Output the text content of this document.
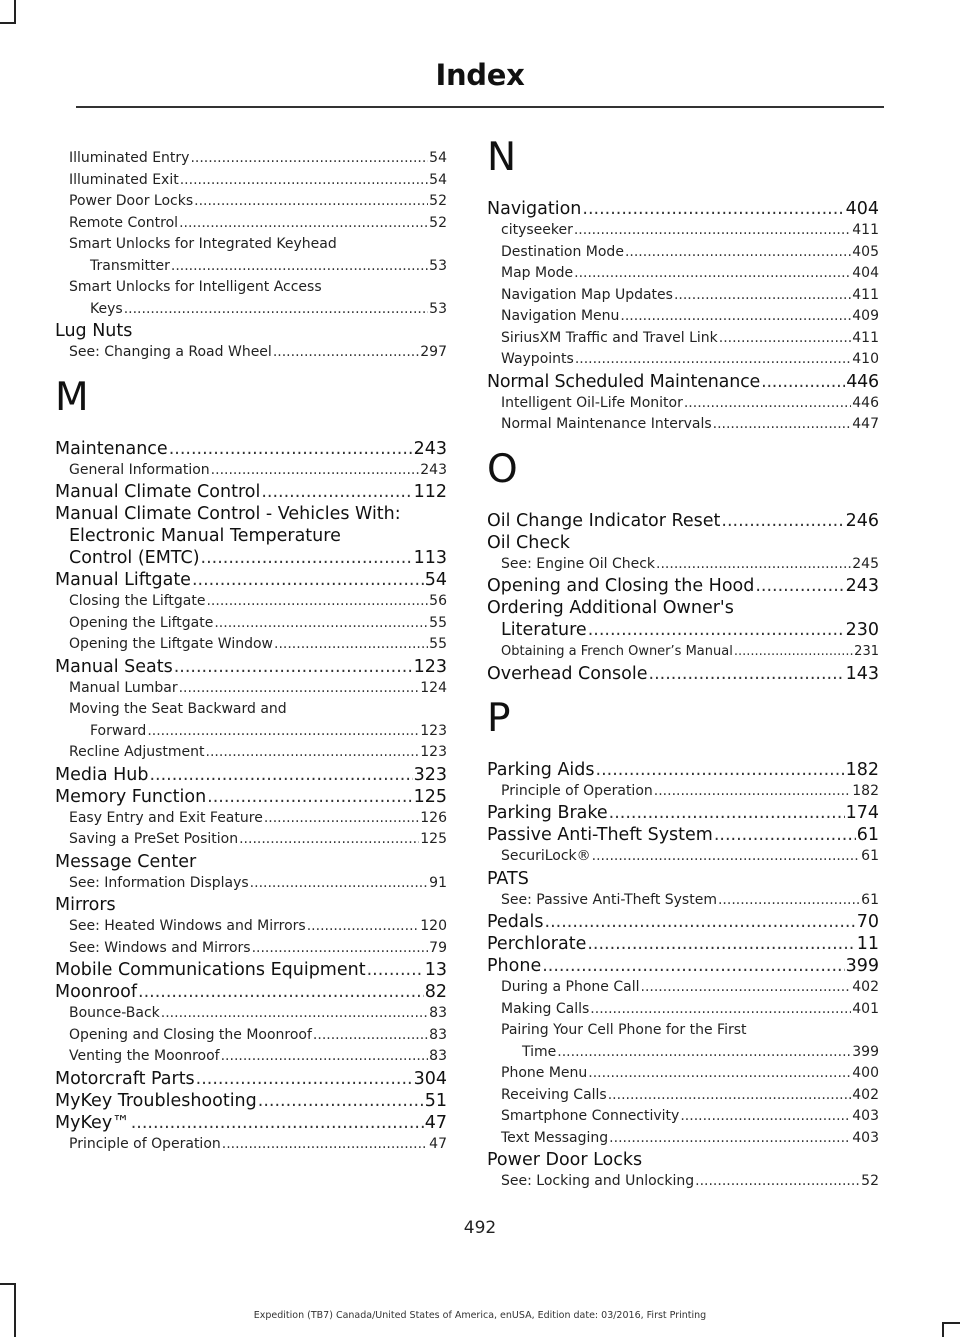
Index
Illuminated Entry .....	54
Illuminated Exit .....	54
Power Door Locks .....	52
Remote Control .....	52
Smart Unlocks for Integrated Keyhead
Transmitter .....	53
Smart Unlocks for Intelligent Access
Keys .....	53
Lug Nuts
See: Changing a Road Wheel .....	297
M
Maintenance .....	243
General Information .....	243
Manual Climate Control .....	112
Manual Climate Control - Vehicles With:
Electronic Manual Temperature
Control (EMTC) .....	113
Manual Liftgate .....	54
Closing the Liftgate .....	56
Opening the Liftgate .....	55
Opening the Liftgate Window .....	55
Manual Seats .....	123
Manual Lumbar .....	124
Moving the Seat Backward and
Forward .....	123
Recline Adjustment .....	123
Media Hub .....	323
Memory Function .....	125
Easy Entry and Exit Feature .....	126
Saving a PreSet Position .....	125
Message Center
See: Information Displays .....	91
Mirrors
See: Heated Windows and Mirrors .....	120
See: Windows and Mirrors .....	79
Mobile Communications Equipment .....	13
Moonroof .....	82
Bounce-Back .....	83
Opening and Closing the Moonroof .....	83
Venting the Moonroof .....	83
Motorcraft Parts .....	304
MyKey Troubleshooting .....	51
MyKey™ .....	47
Principle of Operation .....	47
N
Navigation .....	404
cityseeker .....	411
Destination Mode .....	405
Map Mode .....	404
Navigation Map Updates .....	411
Navigation Menu .....	409
SiriusXM Traffic and Travel Link .....	411
Waypoints .....	410
Normal Scheduled Maintenance .....	446
Intelligent Oil-Life Monitor .....	446
Normal Maintenance Intervals .....	447
O
Oil Change Indicator Reset .....	246
Oil Check
See: Engine Oil Check .....	245
Opening and Closing the Hood .....	243
Ordering Additional Owner's
Literature .....	230
Obtaining a French Owner’s Manual .....	231
Overhead Console .....	143
P
Parking Aids .....	182
Principle of Operation .....	182
Parking Brake .....	174
Passive Anti-Theft System .....	61
SecuriLock® .....	61
PATS
See: Passive Anti-Theft System .....	61
Pedals .....	70
Perchlorate .....	11
Phone .....	399
During a Phone Call .....	402
Making Calls .....	401
Pairing Your Cell Phone for the First
Time .....	399
Phone Menu .....	400
Receiving Calls .....	402
Smartphone Connectivity .....	403
Text Messaging .....	403
Power Door Locks
See: Locking and Unlocking .....	52
492
Expedition (TB7) Canada/United States of America, enUSA, Edition date: 03/2016, First Printing
